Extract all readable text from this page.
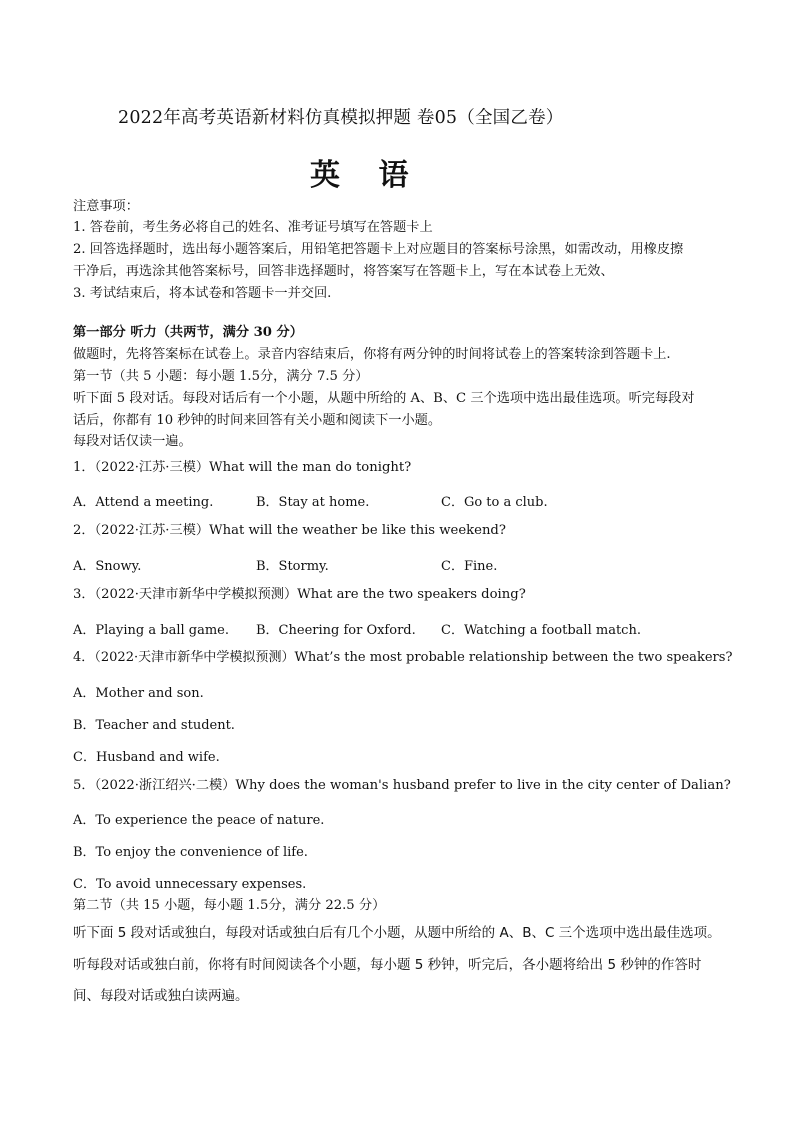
2022年高考英语新材料仿真模拟押题 卷05（全国乙卷）
英 语
注意事项：
1. 答卷前，考生务必将自己的姓名、准考证号填写在答题卡上
2. 回答选择题时，选出每小题答案后，用铅笔把答题卡上对应题目的答案标号涂黑，如需改动，用橡皮擦
干净后，再选涂其他答案标号，回答非选择题时，将答案写在答题卡上，写在本试卷上无效、
3. 考试结束后，将本试卷和答题卡一并交回.
第一部分 听力（共两节，满分 30 分）
做题时，先将答案标在试卷上。录音内容结束后，你将有两分钟的时间将试卷上的答案转涂到答题卡上.
第一节（共 5 小题：每小题 1.5分，满分 7.5 分）
听下面 5 段对话。每段对话后有一个小题，从题中所给的 A、B、C 三个选项中选出最佳选项。听完每段对
话后，你都有 10 秒钟的时间来回答有关小题和阅读下一小题。
每段对话仅读一遍。
1．（2022·江苏·三模）What will the man do tonight?
A．Attend a meeting.	B．Stay at home.	C．Go to a club.
2．（2022·江苏·三模）What will the weather be like this weekend?
A．Snowy.	B．Stormy.	C．Fine.
3．（2022·天津市新华中学模拟预测）What are the two speakers doing?
A．Playing a ball game. B．Cheering for Oxford. C．Watching a football match.
4．（2022·天津市新华中学模拟预测）What’s the most probable relationship between the two speakers?
A．Mother and son.
B．Teacher and student.
C．Husband and wife.
5．（2022·浙江绍兴·二模）Why does the woman's husband prefer to live in the city center of Dalian?
A．To experience the peace of nature.
B．To enjoy the convenience of life.
C．To avoid unnecessary expenses.
第二节（共 15 小题，每小题 1.5分，满分 22.5 分）
听下面 5 段对话或独白，每段对话或独白后有几个小题，从题中所给的 A、B、C 三个选项中选出最佳选项。
听每段对话或独白前，你将有时间阅读各个小题，每小题 5 秒钟，听完后，各小题将给出 5 秒钟的作答时
间、每段对话或独白读两遍。
